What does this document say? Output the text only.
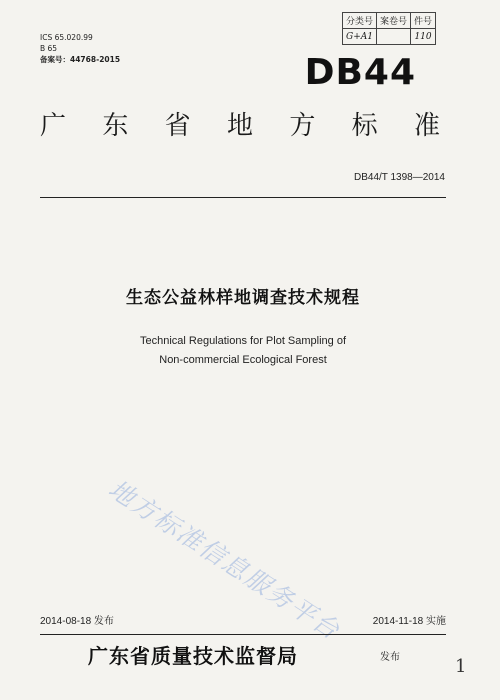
ICS 65.020.99
B 65
备案号：44768-2015
分类号	案卷号	件号
G+A1		110
DB44
广 东 省 地 方 标 准
DB44/T 1398—2014
生态公益林样地调查技术规程
Technical Regulations for Plot Sampling of
Non-commercial Ecological Forest
地方标准信息服务平台
2014-08-18 发布	2014-11-18 实施
广东省质量技术监督局	发布	1
